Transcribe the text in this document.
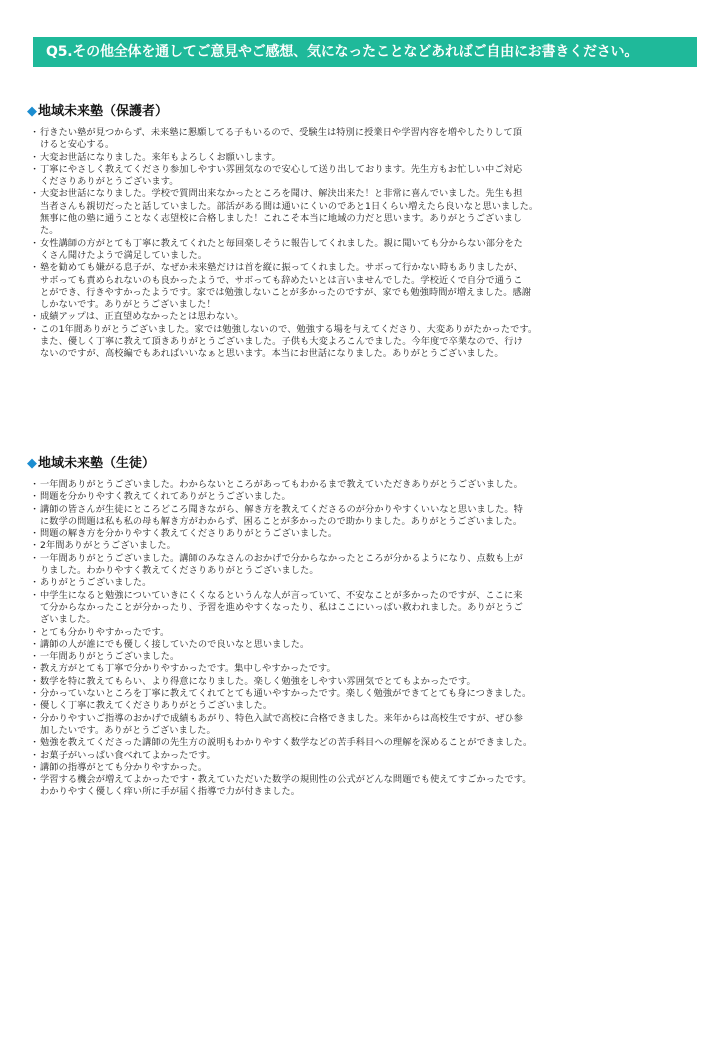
Q5.その他全体を通してご意見やご感想、気になったことなどあればご自由にお書きください。
◆地域未来塾（保護者）
・ 行きたい塾が見つからず、未来塾に懇願してる子もいるので、受験生は特別に授業日や学習内容を増やしたりして頂
けると安心する。
・ 大変お世話になりました。来年もよろしくお願いします。
・ 丁寧にやさしく教えてくださり参加しやすい雰囲気なので安心して送り出しております。先生方もお忙しい中ご対応
くださりありがとうございます。
・ 大変お世話になりました。学校で質問出来なかったところを聞け、解決出来た！と非常に喜んでいました。先生も担
当者さんも親切だったと話していました。部活がある間は通いにくいのであと1日くらい増えたら良いなと思いました。
無事に他の塾に通うことなく志望校に合格しました！これこそ本当に地域の力だと思います。ありがとうございまし
た。
・ 女性講師の方がとても丁寧に教えてくれたと毎回楽しそうに報告してくれました。親に聞いても分からない部分をた
くさん聞けたようで満足していました。
・ 塾を勧めても嫌がる息子が、なぜか未来塾だけは首を縦に振ってくれました。サボって行かない時もありましたが、
サボっても責められないのも良かったようで、サボっても辞めたいとは言いませんでした。学校近くで自分で通うこ
とができ、行きやすかったようです。家では勉強しないことが多かったのですが、家でも勉強時間が増えました。感謝
しかないです。ありがとうございました！
・ 成績アップは、正直望めなかったとは思わない。
・ この1年間ありがとうございました。家では勉強しないので、勉強する場を与えてくださり、大変ありがたかったです。
また、優しく丁寧に教えて頂きありがとうございました。子供も大変よろこんでました。今年度で卒業なので、行け
ないのですが、高校編でもあればいいなぁと思います。本当にお世話になりました。ありがとうございました。
◆地域未来塾（生徒）
・ 一年間ありがとうございました。わからないところがあってもわかるまで教えていただきありがとうございました。
・ 問題を分かりやすく教えてくれてありがとうございました。
・ 講師の皆さんが生徒にところどころ聞きながら、解き方を教えてくださるのが分かりやすくいいなと思いました。特
に数学の問題は私も私の母も解き方がわからず、困ることが多かったので助かりました。ありがとうございました。
・ 問題の解き方を分かりやすく教えてくださりありがとうございました。
・ 2年間ありがとうございました。
・ 一年間ありがとうございました。講師のみなさんのおかげで分からなかったところが分かるようになり、点数も上が
りました。わかりやすく教えてくださりありがとうございました。
・ ありがとうございました。
・ 中学生になると勉強についていきにくくなるというんな人が言っていて、不安なことが多かったのですが、ここに来
て分からなかったことが分かったり、予習を進めやすくなったり、私はここにいっぱい救われました。ありがとうご
ざいました。
・ とても分かりやすかったです。
・ 講師の人が誰にでも優しく接していたので良いなと思いました。
・ 一年間ありがとうございました。
・ 教え方がとても丁寧で分かりやすかったです。集中しやすかったです。
・ 数学を特に教えてもらい、より得意になりました。楽しく勉強をしやすい雰囲気でとてもよかったです。
・ 分かっていないところを丁寧に教えてくれてとても通いやすかったです。楽しく勉強ができてとても身につきました。
・ 優しく丁寧に教えてくださりありがとうございました。
・ 分かりやすいご指導のおかげで成績もあがり、特色入試で高校に合格できました。来年からは高校生ですが、ぜひ参
加したいです。ありがとうございました。
・ 勉強を教えてくださった講師の先生方の説明もわかりやすく数学などの苦手科目への理解を深めることができました。
・ お菓子がいっぱい食べれてよかったです。
・ 講師の指導がとても分かりやすかった。
・ 学習する機会が増えてよかったです・教えていただいた数学の規則性の公式がどんな問題でも使えてすごかったです。
わかりやすく優しく痒い所に手が届く指導で力が付きました。
